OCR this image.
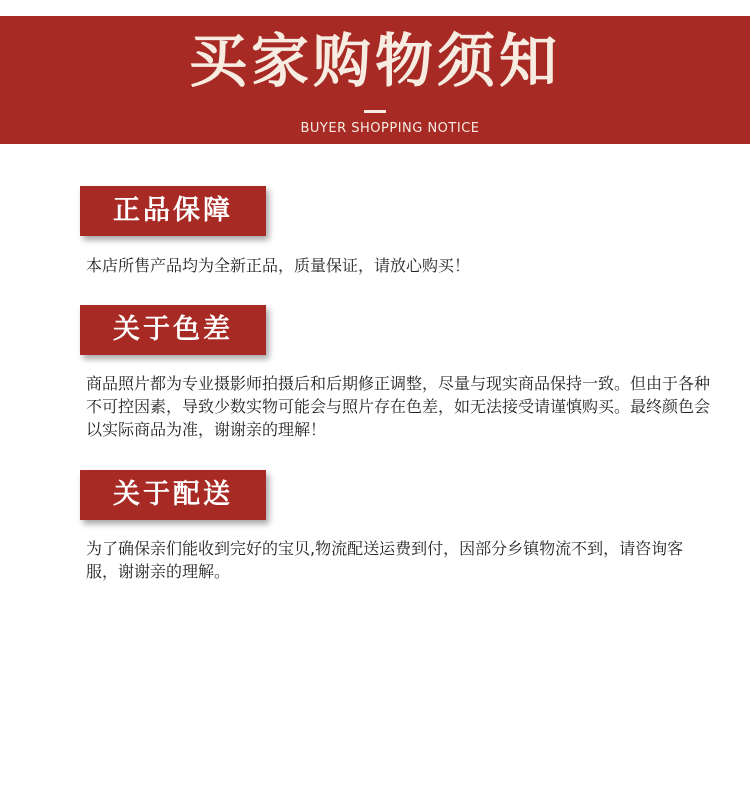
买家购物须知
BUYER SHOPPING NOTICE
正品保障
本店所售产品均为全新正品，质量保证，请放心购买！
关于色差
商品照片都为专业摄影师拍摄后和后期修正调整，尽量与现实商品保持一致。但由于各种不可控因素，导致少数实物可能会与照片存在色差，如无法接受请谨慎购买。最终颜色会以实际商品为准，谢谢亲的理解！
关于配送
为了确保亲们能收到完好的宝贝,物流配送运费到付，因部分乡镇物流不到，请咨询客服，谢谢亲的理解。
